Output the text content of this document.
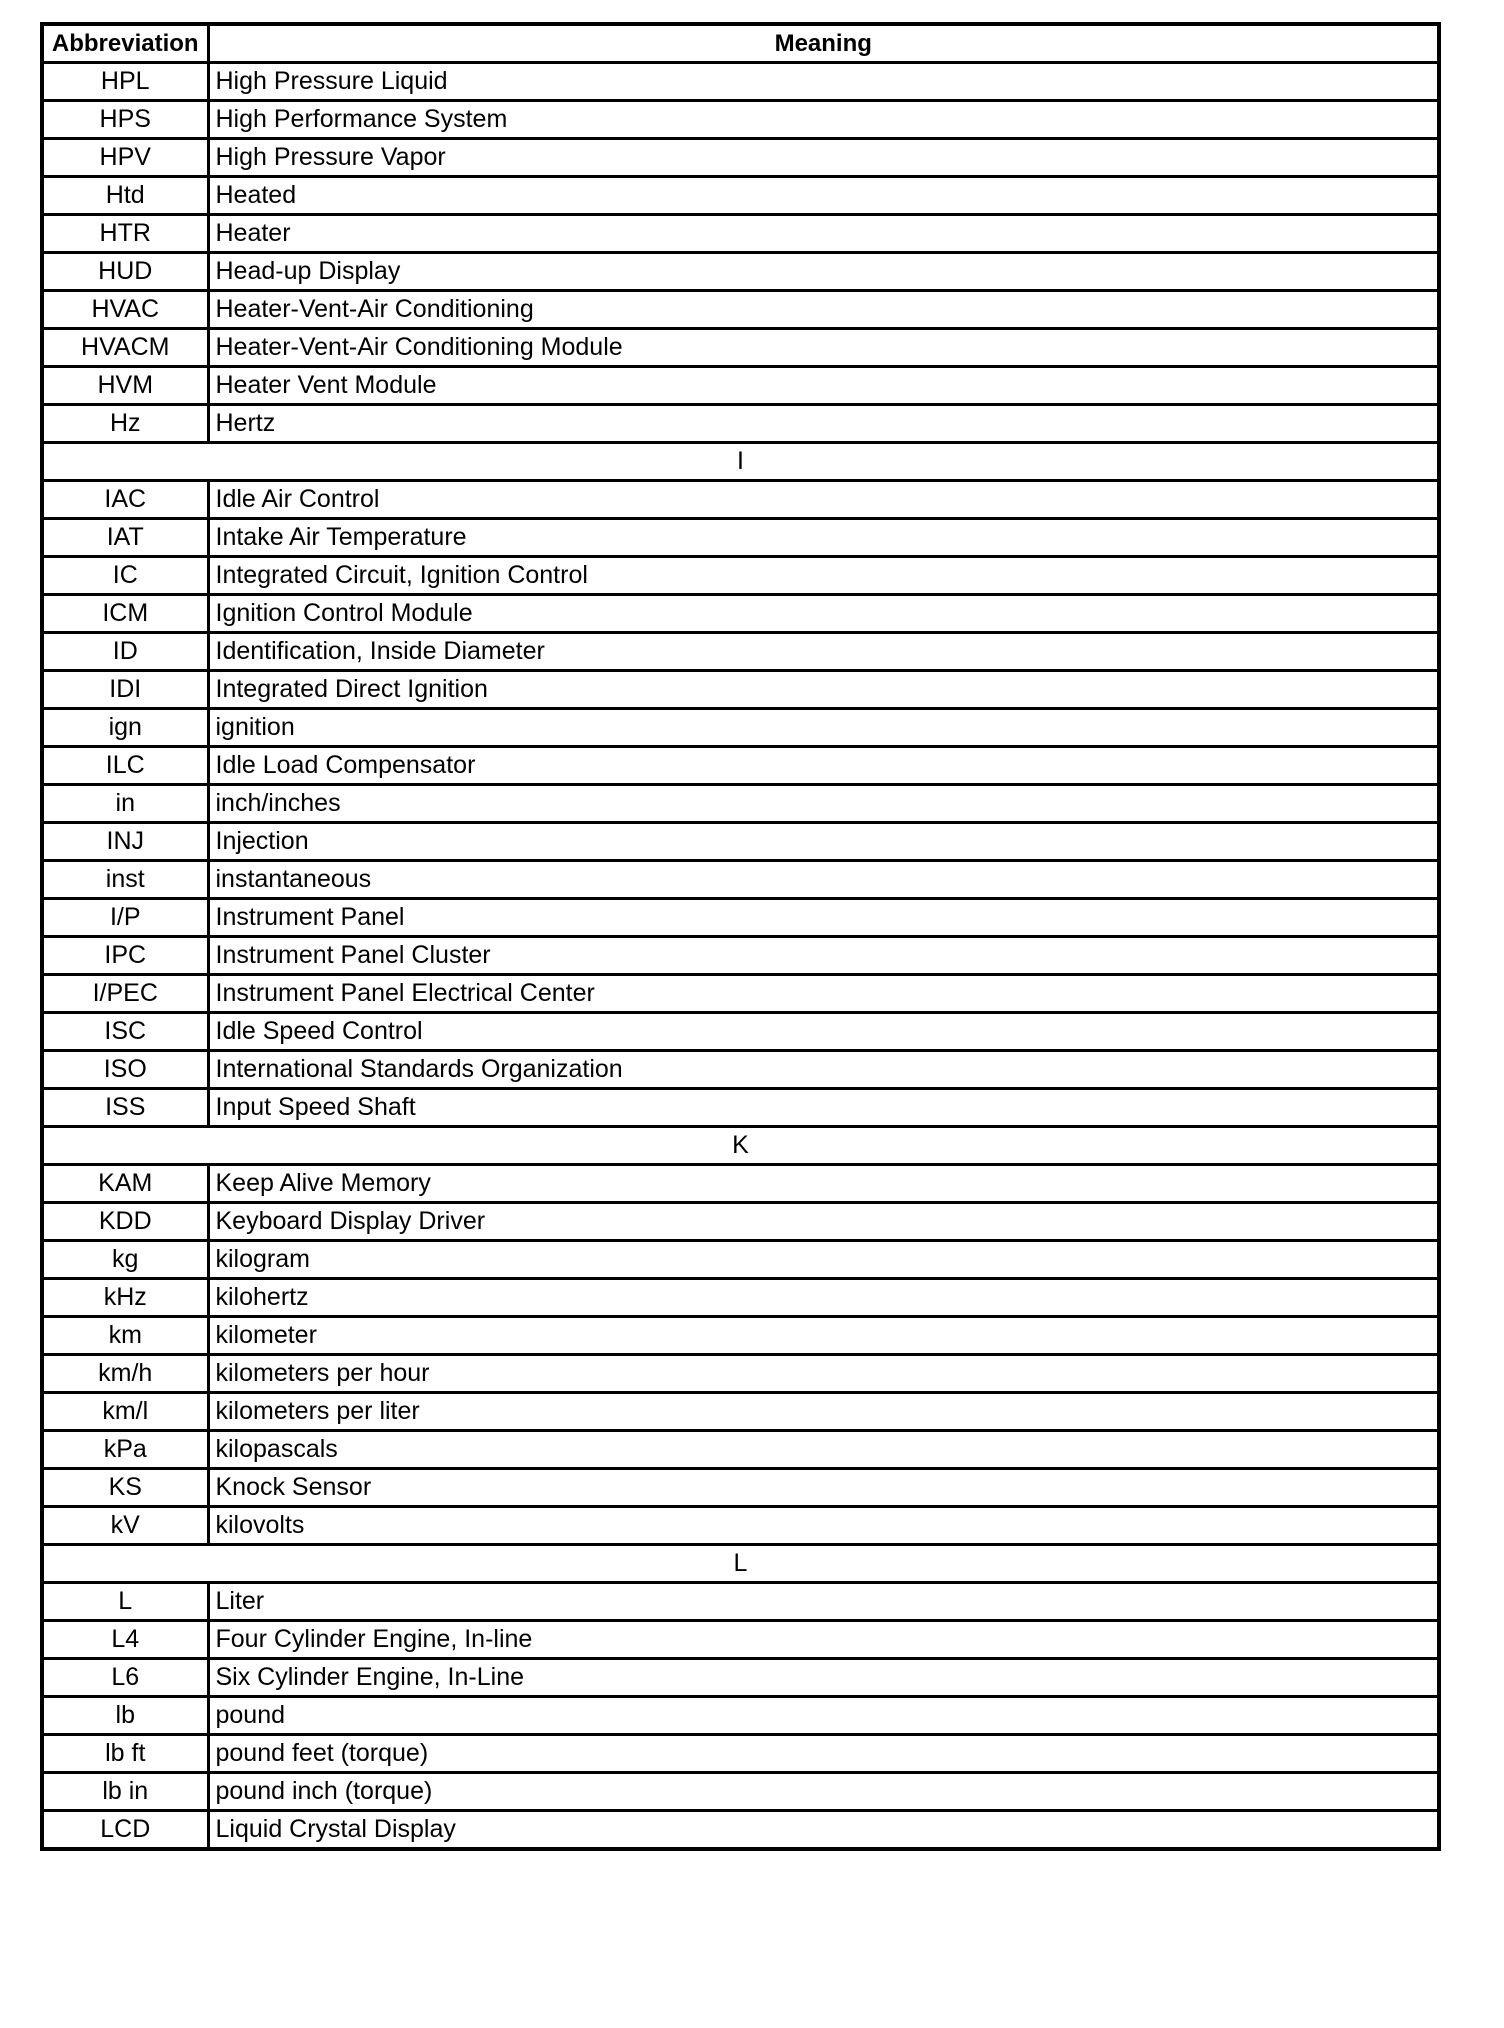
Abbreviation	Meaning
HPL	High Pressure Liquid
HPS	High Performance System
HPV	High Pressure Vapor
Htd	Heated
HTR	Heater
HUD	Head-up Display
HVAC	Heater-Vent-Air Conditioning
HVACM	Heater-Vent-Air Conditioning Module
HVM	Heater Vent Module
Hz	Hertz
I	
IAC	Idle Air Control
IAT	Intake Air Temperature
IC	Integrated Circuit, Ignition Control
ICM	Ignition Control Module
ID	Identification, Inside Diameter
IDI	Integrated Direct Ignition
ign	ignition
ILC	Idle Load Compensator
in	inch/inches
INJ	Injection
inst	instantaneous
I/P	Instrument Panel
IPC	Instrument Panel Cluster
I/PEC	Instrument Panel Electrical Center
ISC	Idle Speed Control
ISO	International Standards Organization
ISS	Input Speed Shaft
K	
KAM	Keep Alive Memory
KDD	Keyboard Display Driver
kg	kilogram
kHz	kilohertz
km	kilometer
km/h	kilometers per hour
km/l	kilometers per liter
kPa	kilopascals
KS	Knock Sensor
kV	kilovolts
L	
L	Liter
L4	Four Cylinder Engine, In-line
L6	Six Cylinder Engine, In-Line
lb	pound
lb ft	pound feet (torque)
lb in	pound inch (torque)
LCD	Liquid Crystal Display
